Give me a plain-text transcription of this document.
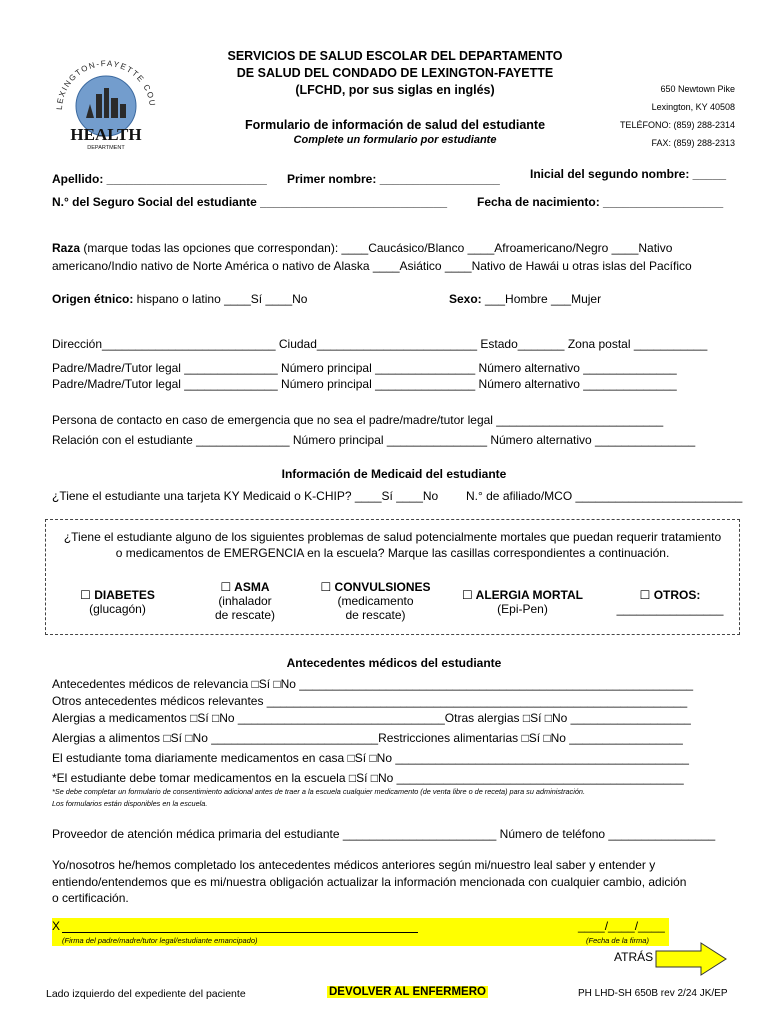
LEXINGTON-FAYETTE COU
HEALTH
DEPARTMENT
SERVICIOS DE SALUD ESCOLAR DEL DEPARTAMENTO
DE SALUD DEL CONDADO DE LEXINGTON-FAYETTE
(LFCHD, por sus siglas en inglés)
Formulario de información de salud del estudiante
Complete un formulario por estudiante
650 Newtown Pike
Lexington, KY 40508
TELÉFONO: (859) 288-2314
FAX: (859) 288-2313
Apellido: ________________________ Primer nombre: __________________	Inicial del segundo nombre: _____
N.° del Seguro Social del estudiante ____________________________ Fecha de nacimiento: __________________
Raza (marque todas las opciones que correspondan): ____Caucásico/Blanco ____Afroamericano/Negro ____Nativo
americano/Indio nativo de Norte América o nativo de Alaska ____Asiático ____Nativo de Hawái u otras islas del Pacífico
Origen étnico: hispano o latino ____Sí ____No	Sexo: ___Hombre ___Mujer
Dirección__________________________ Ciudad________________________ Estado_______ Zona postal ___________
Padre/Madre/Tutor legal ______________ Número principal _______________ Número alternativo ______________
Padre/Madre/Tutor legal ______________ Número principal _______________ Número alternativo ______________
Persona de contacto en caso de emergencia que no sea el padre/madre/tutor legal _________________________
Relación con el estudiante ______________ Número principal _______________ Número alternativo _______________
Información de Medicaid del estudiante
¿Tiene el estudiante una tarjeta KY Medicaid o K-CHIP? ____Sí ____No N.° de afiliado/MCO _________________________
¿Tiene el estudiante alguno de los siguientes problemas de salud potencialmente mortales que puedan requerir tratamiento
o medicamentos de EMERGENCIA en la escuela? Marque las casillas correspondientes a continuación.
☐ DIABETES
(glucagón)
☐ ASMA
(inhalador
de rescate)
☐ CONVULSIONES
(medicamento
de rescate)
☐ ALERGIA MORTAL
(Epi-Pen)
☐ OTROS:
________________
Antecedentes médicos del estudiante
Antecedentes médicos de relevancia □Sí □No ___________________________________________________________
Otros antecedentes médicos relevantes _______________________________________________________________
Alergias a medicamentos □Sí □No _______________________________Otras alergias □Sí □No __________________
Alergias a alimentos □Sí □No _________________________Restricciones alimentarias □Sí □No _________________
El estudiante toma diariamente medicamentos en casa □Sí □No ____________________________________________
*El estudiante debe tomar medicamentos en la escuela □Sí □No ___________________________________________
*Se debe completar un formulario de consentimiento adicional antes de traer a la escuela cualquier medicamento (de venta libre o de receta) para su administración.
Los formularios están disponibles en la escuela.
Proveedor de atención médica primaria del estudiante _______________________ Número de teléfono ________________
Yo/nosotros he/hemos completado los antecedentes médicos anteriores según mi/nuestro leal saber y entender y
entiendo/entendemos que es mi/nuestra obligación actualizar la información mencionada con cualquier cambio, adición
o certificación.
X
(Firma del padre/madre/tutor legal/estudiante emancipado)
____/____/____
(Fecha de la firma)
ATRÁS
Lado izquierdo del expediente del paciente	DEVOLVER AL ENFERMERO	PH LHD-SH 650B rev 2/24 JK/EP
